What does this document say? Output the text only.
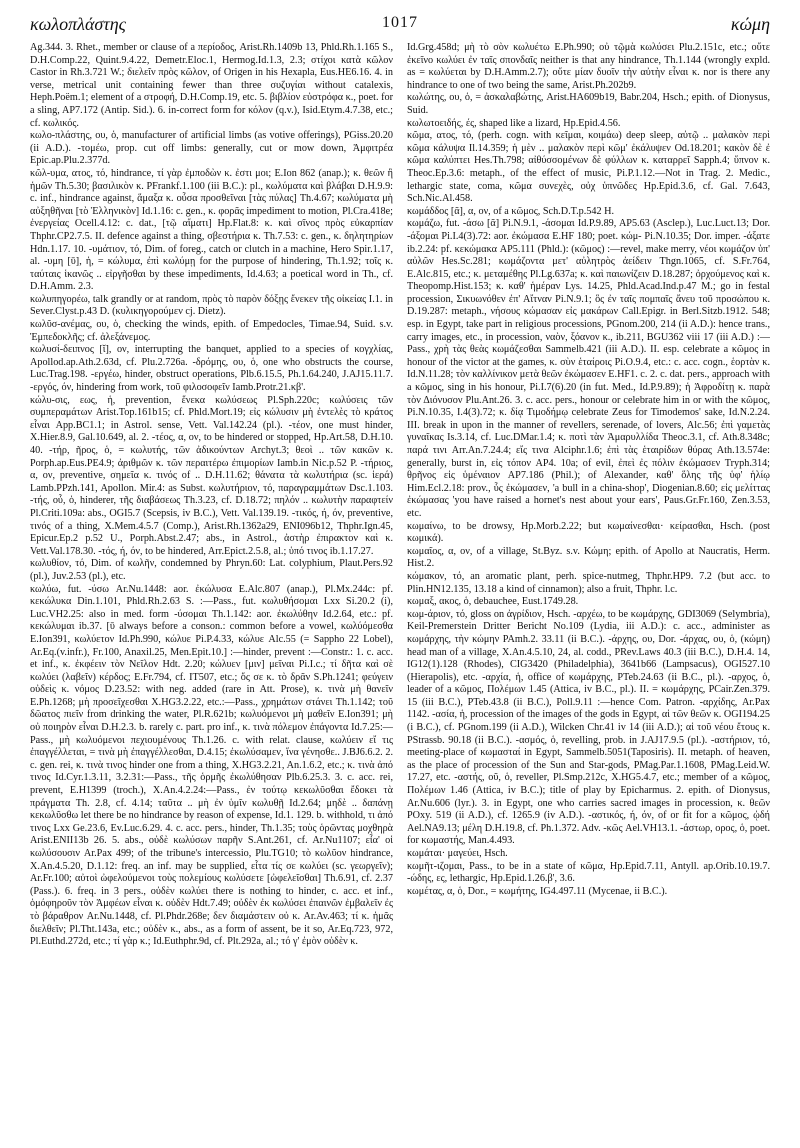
κωλοπλάστης	1017	κώμη

Ag.344. 3. Rhet., member or clause of a περίοδος, Arist.Rh.1409b 13, Phld.Rh.1.165 S., D.H.Comp.22, Quint.9.4.22, Demetr.Eloc.1, Hermog.Id.1.3, 2.3; στίχοι κατὰ κῶλον Castor in Rh.3.721 W.; διελεῖν πρὸς κῶλον, of Origen in his Hexapla, Eus.HE6.16. 4. in verse, metrical unit containing fewer than three συζυγίαι without catalexis, Heph.Poëm.1; element of a στροφή, D.H.Comp.19, etc. 5. βιβλίον εὐστρόφα κ., poet. for a sling, AP7.172 (Antip. Sid.). 6. in-correct form for κόλον (q.v.), Isid.Etym.4.7.38, etc.; cf. κωλικός.

κωλο-πλάστης, ου, ὁ, manufacturer of artificial limbs (as votive offerings), PGiss.20.20 (ii A.D.). -τομέω, prop. cut off limbs: generally, cut or mow down, Ἀμφιτρέα Epic.ap.Plu.2.377d.

κῶλ-υμα, ατος, τό, hindrance, τί γὰρ ἐμποδὼν κ. ἐστι μοι; E.Ion 862 (anap.); κ. θεῶν ἢ ἡμῶν Th.5.30; βασιλικὸν κ. PFrankf.1.100 (iii B.C.): pl., κωλύματα καὶ βλάβαι D.H.9.9: c. inf., hindrance against, ἅμαξα κ. οὖσα προσθεῖναι [τὰς πύλας] Th.4.67; κωλύματα μὴ αὐξηθῆναι [τὸ Ἑλληνικὸν] Id.1.16: c. gen., κ. φορᾶς impediment to motion, Pl.Cra.418e; ἐνεργείας Ocell.4.12: c. dat., [τῷ αἵματι] Hp.Flat.8: κ. καὶ σῖνος πρὸς εὐκαρπίαν Thphr.CP2.7.5. II. defence against a thing, σβεστήρια κ. Th.7.53: c. gen., κ. δηλητηρίων Hdn.1.17. 10. -υμάτιον, τό, Dim. of foreg., catch or clutch in a machine, Hero Spir.1.17, al. -υμη [ῡ], ἡ, = κώλυμα, ἐπὶ κωλύμῃ for the purpose of hindering, Th.1.92; τοῖς κ. ταύταις ἱκανῶς .. εἰργῆσθαι by these impediments, Id.4.63; a poetical word in Th., cf. D.H.Amm. 2.3.

κωλυπηγορέω, talk grandly or at random, πρὸς τὸ παρὸν δόξῃς ἔνεκεν τῆς οἰκείας I.1. in Sever.Clyst.p.43 D. (κυλικηγορούμεν cj. Dietz).

κωλῦσ-ανέμας, ου, ὁ, checking the winds, epith. of Empedocles, Timae.94, Suid. s.v. Ἐμπεδοκλῆς; cf. ἀλεξάνεμος.

κωλυσί-δειπνος [ῐ], ον, interrupting the banquet, applied to a species of κογχλίας, Apollod.ap.Ath.2.63d, cf. Plu.2.726a. -δρόμης, ου, ὁ, one who obstructs the course, Luc.Trag.198. -εργέω, hinder, obstruct operations, Plb.6.15.5, Ph.1.64.240, J.AJ15.11.7. -εργός, όν, hindering from work, τοῦ φιλοσοφεῖν Iamb.Protr.21.κβ'.

κώλυ-σις, εως, ἡ, prevention, ἕνεκα κωλύσεως Pl.Sph.220c; κωλύσεις τῶν συμπεραμάτων Arist.Top.161b15; cf. Phld.Mort.19; εἰς κώλυσιν μὴ ἐντελὲς τὸ κράτος εἶναι App.BC1.1; in Astrol. sense, Vett. Val.142.24 (pl.). -τέον, one must hinder, X.Hier.8.9, Gal.10.649, al. 2. -τέος, α, ον, to be hindered or stopped, Hp.Art.58, D.H.10. 40. -τήρ, ῆρος, ὁ, = κωλυτής, τῶν ἀδικούντων Archyt.3; θεοὶ .. τῶν κακῶν κ. Porph.ap.Eus.PE4.9; ἀριθμῶν κ. τῶν περαιτέρω ἐπιμορίων Iamb.in Nic.p.52 P. -τήριος, α, ον, preventive, σημεῖα κ. τινός of .. D.H.11.62; θάνατα τὰ κωλυτήρια (sc. ἱερά) Lamb.PPzh.141, Apollon. Mir.4: as Subst. κωλυτήριον, τό, παραγραμμάτων Dsc.1.103. -τής, οὖ, ὁ, hinderer, τῆς διαβάσεως Th.3.23, cf. D.18.72; πηλόν .. κωλυτὴν παραφτείν Pl.Criti.109a: abs., OGI5.7 (Scepsis, iv B.C.), Vett. Val.139.19. -τικός, ή, όν, preventive, τινός of a thing, X.Mem.4.5.7 (Comp.), Arist.Rh.1362a29, ENI096b12, Thphr.Ign.45, Epicur.Ep.2 p.52 U., Porph.Abst.2.47; abs., in Astrol., ἀστὴρ ἐπιρακτον καὶ κ. Vett.Val.178.30. -τός, ή, όν, to be hindered, Arr.Epict.2.5.8, al.; ὑπό τινος ib.1.17.27.

κωλυθίον, τό, Dim. of κωλῆν, condemned by Phryn.60: Lat. colyphium, Plaut.Pers.92 (pl.), Juv.2.53 (pl.), etc.

κωλύω, fut. -ύσω Ar.Nu.1448: aor. ἐκώλυσα E.Alc.807 (anap.), Pl.Mx.244c: pf. κεκώλυκα Din.1.101, Phld.Rh.2.63 S. :—Pass., fut. κωλυθήσομαι Lxx Si.20.2 (i), Luc.VH2.25: also in med. form -ύσομαι Th.1.142: aor. ἐκωλύθην Id.2.64, etc.: pf. κεκώλυμαι ib.37. [ῡ always before a conson.: common before a vowel, κωλύόμεσθα E.Ion391, κωλύετον Id.Ph.990, κώλυε Pi.P.4.33, κώλυε Alc.55 (= Sappho 22 Lobel), Ar.Eq.(v.infr.), Fr.100, Anaxil.25, Men.Epit.10.] :—hinder, prevent :—Constr.: 1. c. acc. et inf., κ. ἐκφέειν τὸν Νεῖλον Hdt. 2.20; κώλυεν [μιν] μεῖναι Pi.I.c.; τί δῆτα καὶ σὲ κωλύει (λαβεῖν) κέρδος; E.Fr.794, cf. IT507, etc.; ὅς σε κ. τὸ δρᾶν S.Ph.1241; φεύγειν οὐδεὶς κ. νόμος D.23.52: with neg. added (rare in Att. Prose), κ. τινὰ μὴ θανεῖν E.Ph.1268; μὴ προσεῖχεσθαι X.HG3.2.22, etc.:—Pass., χρημάτων στάνει Th.1.142; τοῦ δῶατος πιεῖν from drinking the water, Pl.R.621b; κωλυόμενοι μὴ μαθεῖν E.Ion391; μὴ οὐ ποιηρὸν εἶναι D.H.2.3. b. rarely c. part. pro inf., κ. τινὰ πόλεμον ἐπάγοντα Id.7.25:—Pass., μὴ κωλυόμενοι πεχιουμένους Th.1.26. c. with relat. clause, κωλύειν εἴ τις ἐπαγγέλλεται, = τινὰ μὴ ἐπαγγέλλεσθαι, D.4.15; ἐκωλύσαμεν, ἵνα γένησθε.. J.BJ6.6.2. 2. c. gen. rei, κ. τινὰ τινος hinder one from a thing, X.HG3.2.21, An.1.6.2, etc.; κ. τινὰ ἀπό τινος Id.Cyr.1.3.11, 3.2.31:—Pass., τῆς ὁρμῆς ἐκωλύθησαν Plb.6.25.3. 3. c. acc. rei, prevent, E.H1399 (troch.), X.An.4.2.24:—Pass., ἐν τούτῳ κεκωλῦσθαι ἔδοκει τὰ πράγματα Th. 2.8, cf. 4.14; ταῦτα .. μὴ ἐν ὑμῖν κωλυθῇ Id.2.64; μηδὲ .. δαπάνῃ κεκωλῦσθω let there be no hindrance by reason of expense, Id.1. 129. b. withhold, τι ἀπό τινος Lxx Ge.23.6, Ev.Luc.6.29. 4. c. acc. pers., hinder, Th.1.35; τοὺς ὁρῶντας μοχθηρὰ Arist.ENII13b 26. 5. abs., οὐδὲ κωλύσων παρῆν S.Ant.261, cf. Ar.Nu1107; εἶα' οἱ κωλύσουσιν Ar.Pax 499; of the tribune's intercessio, Plu.TG10; τὸ κωλῦον hindrance, X.An.4.5.20, D.1.12: freq. an inf. may be supplied, εἶτα τίς σε κωλύει (sc. γεωργεῖν); Ar.Fr.100; αὐτοὶ ὠφελούμενοι τοὺς πολεμίους κωλύσετε [ὠφελεῖσθαι] Th.6.91, cf. 2.37 (Pass.). 6. freq. in 3 pers., οὐδὲν κωλύει there is nothing to hinder, c. acc. et inf., ὁμόφηροῦν τὸν Ἀμφέων εἶναι κ. οὐδὲν Hdt.7.49; οὐδὲν ἐκ κωλύσει ἐπαινῶν ἐμβαλεῖν ἐς τὸ βάραθρον Ar.Nu.1448, cf. Pl.Phdr.268e; δεν διαμάστειν οὐ κ. Ar.Av.463; τί κ. ἡμᾶς διελθεῖν; Pl.Tht.143a, etc.; οὐδὲν κ., abs., as a form of assent, be it so, Ar.Eq.723, 972, Pl.Euthd.272d, etc.; τί γὰρ κ.; Id.Euthphr.9d, cf. Plt.292a, al.; τό γ' ἐμὸν οὐδὲν κ.

Id.Grg.458d; μὴ τὸ σὸν κωλυέτω E.Ph.990; οὐ τῷμὰ κωλύσει Plu.2.151c, etc.; οὔτε ἐκεῖνο κωλύει ἐν ταῖς σπονδαῖς neither is that any hindrance, Th.1.144 (wrongly expld. as = κωλύεται by D.H.Amm.2.7); οὔτε μίαν δυοῖν τὴν αὐτὴν εἶναι κ. nor is there any hindrance to one of two being the same, Arist.Ph.202b9.

κωλώτης, ου, ὁ, = ἀσκαλαβώτης, Arist.HA609b19, Babr.204, Hsch.; epith. of Dionysus, Suid.

κωλωτοειδής, ές, shaped like a lizard, Hp.Epid.4.56.

κῶμα, ατος, τό, (perh. cogn. with κεῖμαι, κοιμάω) deep sleep, αὐτῷ .. μαλακὸν περὶ κῶμα κάλυψα Il.14.359; ἡ μὲν .. μαλακὸν περὶ κῶμ' ἐκάλυψεν Od.18.201; κακὸν δὲ ἐ κῶμα καλύπτει Hes.Th.798; αἰθύσσομένων δὲ φύλλων κ. καταρρεῖ Sapph.4; ὕπνον κ. Theoc.Ep.3.6: metaph., of the effect of music, Pi.P.1.12.—Not in Trag. 2. Medic., lethargic state, coma, κῶμα συνεχὲς, οὐχ ὑπνῶδες Hp.Epid.3.6, cf. Gal. 7.643, Sch.Nic.Al.458.

κωμάδδος [ᾶ], α, ον, of a κῶμος, Sch.D.T.p.542 H.

κωμάζω, fut. -άσω [ᾶ] Pi.N.9.1, -άσομαι Id.P.9.89, AP5.63 (Asclep.), Luc.Luct.13; Dor. -άξομαι Pi.I.4(3).72: aor. ἐκώμασα E.HF 180; poet. κώμ- Pi.N.10.35; Dor. imper. -άξατε ib.2.24: pf. κεκώμακα AP5.111 (Phld.): (κῶμος) :—revel, make merry, νέοι κωμάζον ὑπ' αὐλῶν Hes.Sc.281; κωμάζοντα μετ' αὐλητρὸς ἀείδειν Thgn.1065, cf. S.Fr.764, E.Alc.815, etc.; κ. μεταμέθης Pl.Lg.637a; κ. καὶ παιωνίζειν D.18.287; ὀρχούμενος καὶ κ. Theopomp.Hist.153; κ. καθ' ἡμέραν Lys. 14.25, Phld.Acad.Ind.p.47 M.; go in festal procession, Σικυωνόθεν ἐπ' Αἴτναν Pi.N.9.1; ὃς ἐν ταῖς πομπαῖς ἄνευ τοῦ προσώπου κ. D.19.287: metaph., νήσους κώμασαν εἰς μακάρων Call.Epigr. in Berl.Sitzb.1912. 548; esp. in Egypt, take part in religious processions, PGnom.200, 214 (ii A.D.): hence trans., carry images, etc., in procession, ναὸν, ξόανον κ., ib.211, BGU362 viii 17 (iii A.D.) :—Pass., χρὴ τὰς θεὰς κωμάζεσθαι Sammelb.421 (iii A.D.). II. esp. celebrate a κῶμος in honour of the victor at the games, κ. σὺν ἑταίροις Pi.O.9.4, etc.: c. acc. cogn., ἑορτὰν κ. Id.N.11.28; τὸν καλλίνικον μετὰ θεῶν ἐκώμασεν E.HF1. c. 2. c. dat. pers., approach with a κῶμος, sing in his honour, Pi.I.7(6).20 (in fut. Med., Id.P.9.89); ἡ Ἀφροδίτῃ κ. παρὰ τὸν Διόνυσον Plu.Ant.26. 3. c. acc. pers., honour or celebrate him in or with the κῶμος, Pi.N.10.35, I.4(3).72; κ. δίᾳ Τιμοδήμῳ celebrate Zeus for Timodemos' sake, Id.N.2.24. III. break in upon in the manner of revellers, serenade, of lovers, Alc.56; ἐπὶ γαμετὰς γυναῖκας Is.3.14, cf. Luc.DMar.1.4; κ. ποτὶ τὰν Ἀμαρυλλίδα Theoc.3.1, cf. Ath.8.348c; παρά τινι Arr.An.7.24.4; εἴς τινα Alciphr.1.6; ἐπὶ τὰς ἑταιρίδων θύρας Ath.13.574e: generally, burst in, εἰς τόπον AP4. 10a; of evil, ἐπεὶ ἐς πόλιν ἐκώμασεν Tryph.314; θρῆνος εἰς ὑμέναιον AP7.186 (Phil.); of Alexander, καθ' ὅλης τῆς ὑφ' ἡλίῳ Him.Ecl.2.18: prov., ὗς ἐκώμασεν, 'a bull in a china-shop', Diogenian.8.60; εἰς μελίττας ἐκώμασας 'you have raised a hornet's nest about your ears', Paus.Gr.Fr.160, Zen.3.53, etc.

κωμαίνω, to be drowsy, Hp.Morb.2.22; but κωμαίνεσθαι· κείρασθαι, Hsch. (post κωμικά).

κωμαῖος, α, ον, of a village, St.Byz. s.v. Κώμη; epith. of Apollo at Naucratis, Herm. Hist.2.

κώμακον, τό, an aromatic plant, perh. spice-nutmeg, Thphr.HP9. 7.2 (but acc. to Plin.HN12.135, 13.18 a kind of cinnamon); also a fruit, Thphr. l.c.

κωμαξ, ακος, ὁ, debauchee, Eust.1749.28.

κωμ-άριον, τό, gloss on ἀγρίδιον, Hsch. -αρχέω, to be κωμάρχης, GDI3069 (Selymbria), Keil-Premerstein Dritter Bericht No.109 (Lydia, iii A.D.): c. acc., administer as κωμάρχης, τὴν κώμην PAmh.2. 33.11 (ii B.C.). -άρχης, ου, Dor. -άρχας, ου, ὁ, (κώμη) head man of a village, X.An.4.5.10, 24, al. codd., PRev.Laws 40.3 (iii B.C.), D.H.4. 14, IG12(1).128 (Rhodes), CIG3420 (Philadelphia), 3641b66 (Lampsacus), OGI527.10 (Hierapolis), etc. -αρχία, ἡ, office of κωμάρχης, PTeb.24.63 (ii B.C., pl.). -αρχος, ὁ, leader of a κῶμος, Πολέμων 1.45 (Attica, iv B.C., pl.). II. = κωμάρχης, PCair.Zen.379. 15 (iii B.C.), PTeb.43.8 (ii B.C.), Poll.9.11 :—hence Com. Patron. -αρχίδης, Ar.Pax 1142. -ασία, ἡ, procession of the images of the gods in Egypt, αἱ τῶν θεῶν κ. OGI194.25 (i B.C.), cf. PGnom.199 (ii A.D.), Wilcken Chr.41 iv 14 (iii A.D.); αἱ τοῦ νέου ἔτους κ. PStrassb. 90.18 (ii B.C.). -ασμός, ὁ, revelling, prob. in J.AJ17.9.5 (pl.). -αστήριον, τό, meeting-place of κωμασταί in Egypt, Sammelb.5051(Taposiris). II. metaph. of heaven, as the place of procession of the Sun and Star-gods, PMag.Par.1.1608, PMag.Leid.W. 17.27, etc. -αστής, οῦ, ὁ, reveller, Pl.Smp.212c, X.HG5.4.7, etc.; member of a κῶμος, Πολέμων 1.46 (Attica, iv B.C.); title of play by Epicharmus. 2. epith. of Dionysus, Ar.Nu.606 (lyr.). 3. in Egypt, one who carries sacred images in procession, κ. θεῶν POxy. 519 (ii A.D.), cf. 1265.9 (iv A.D.). -αστικός, ή, όν, of or fit for a κῶμος, ᾠδή Ael.NA9.13; μέλη D.H.19.8, cf. Ph.1.372. Adv. -κῶς Ael.VH13.1. -άστωρ, ορος, ὁ, poet. for κωμαστής, Man.4.493.

κωμάται· μαγεύει, Hsch.

κωμῆτ-ιζομαι, Pass., to be in a state of κῶμα, Hp.Epid.7.11, Antyll. ap.Orib.10.19.7. -ώδης, ες, lethargic, Hp.Epid.1.26.β', 3.6.

κωμέτας, α, ὁ, Dor., = κωμήτης, IG4.497.11 (Mycenae, ii B.C.).
